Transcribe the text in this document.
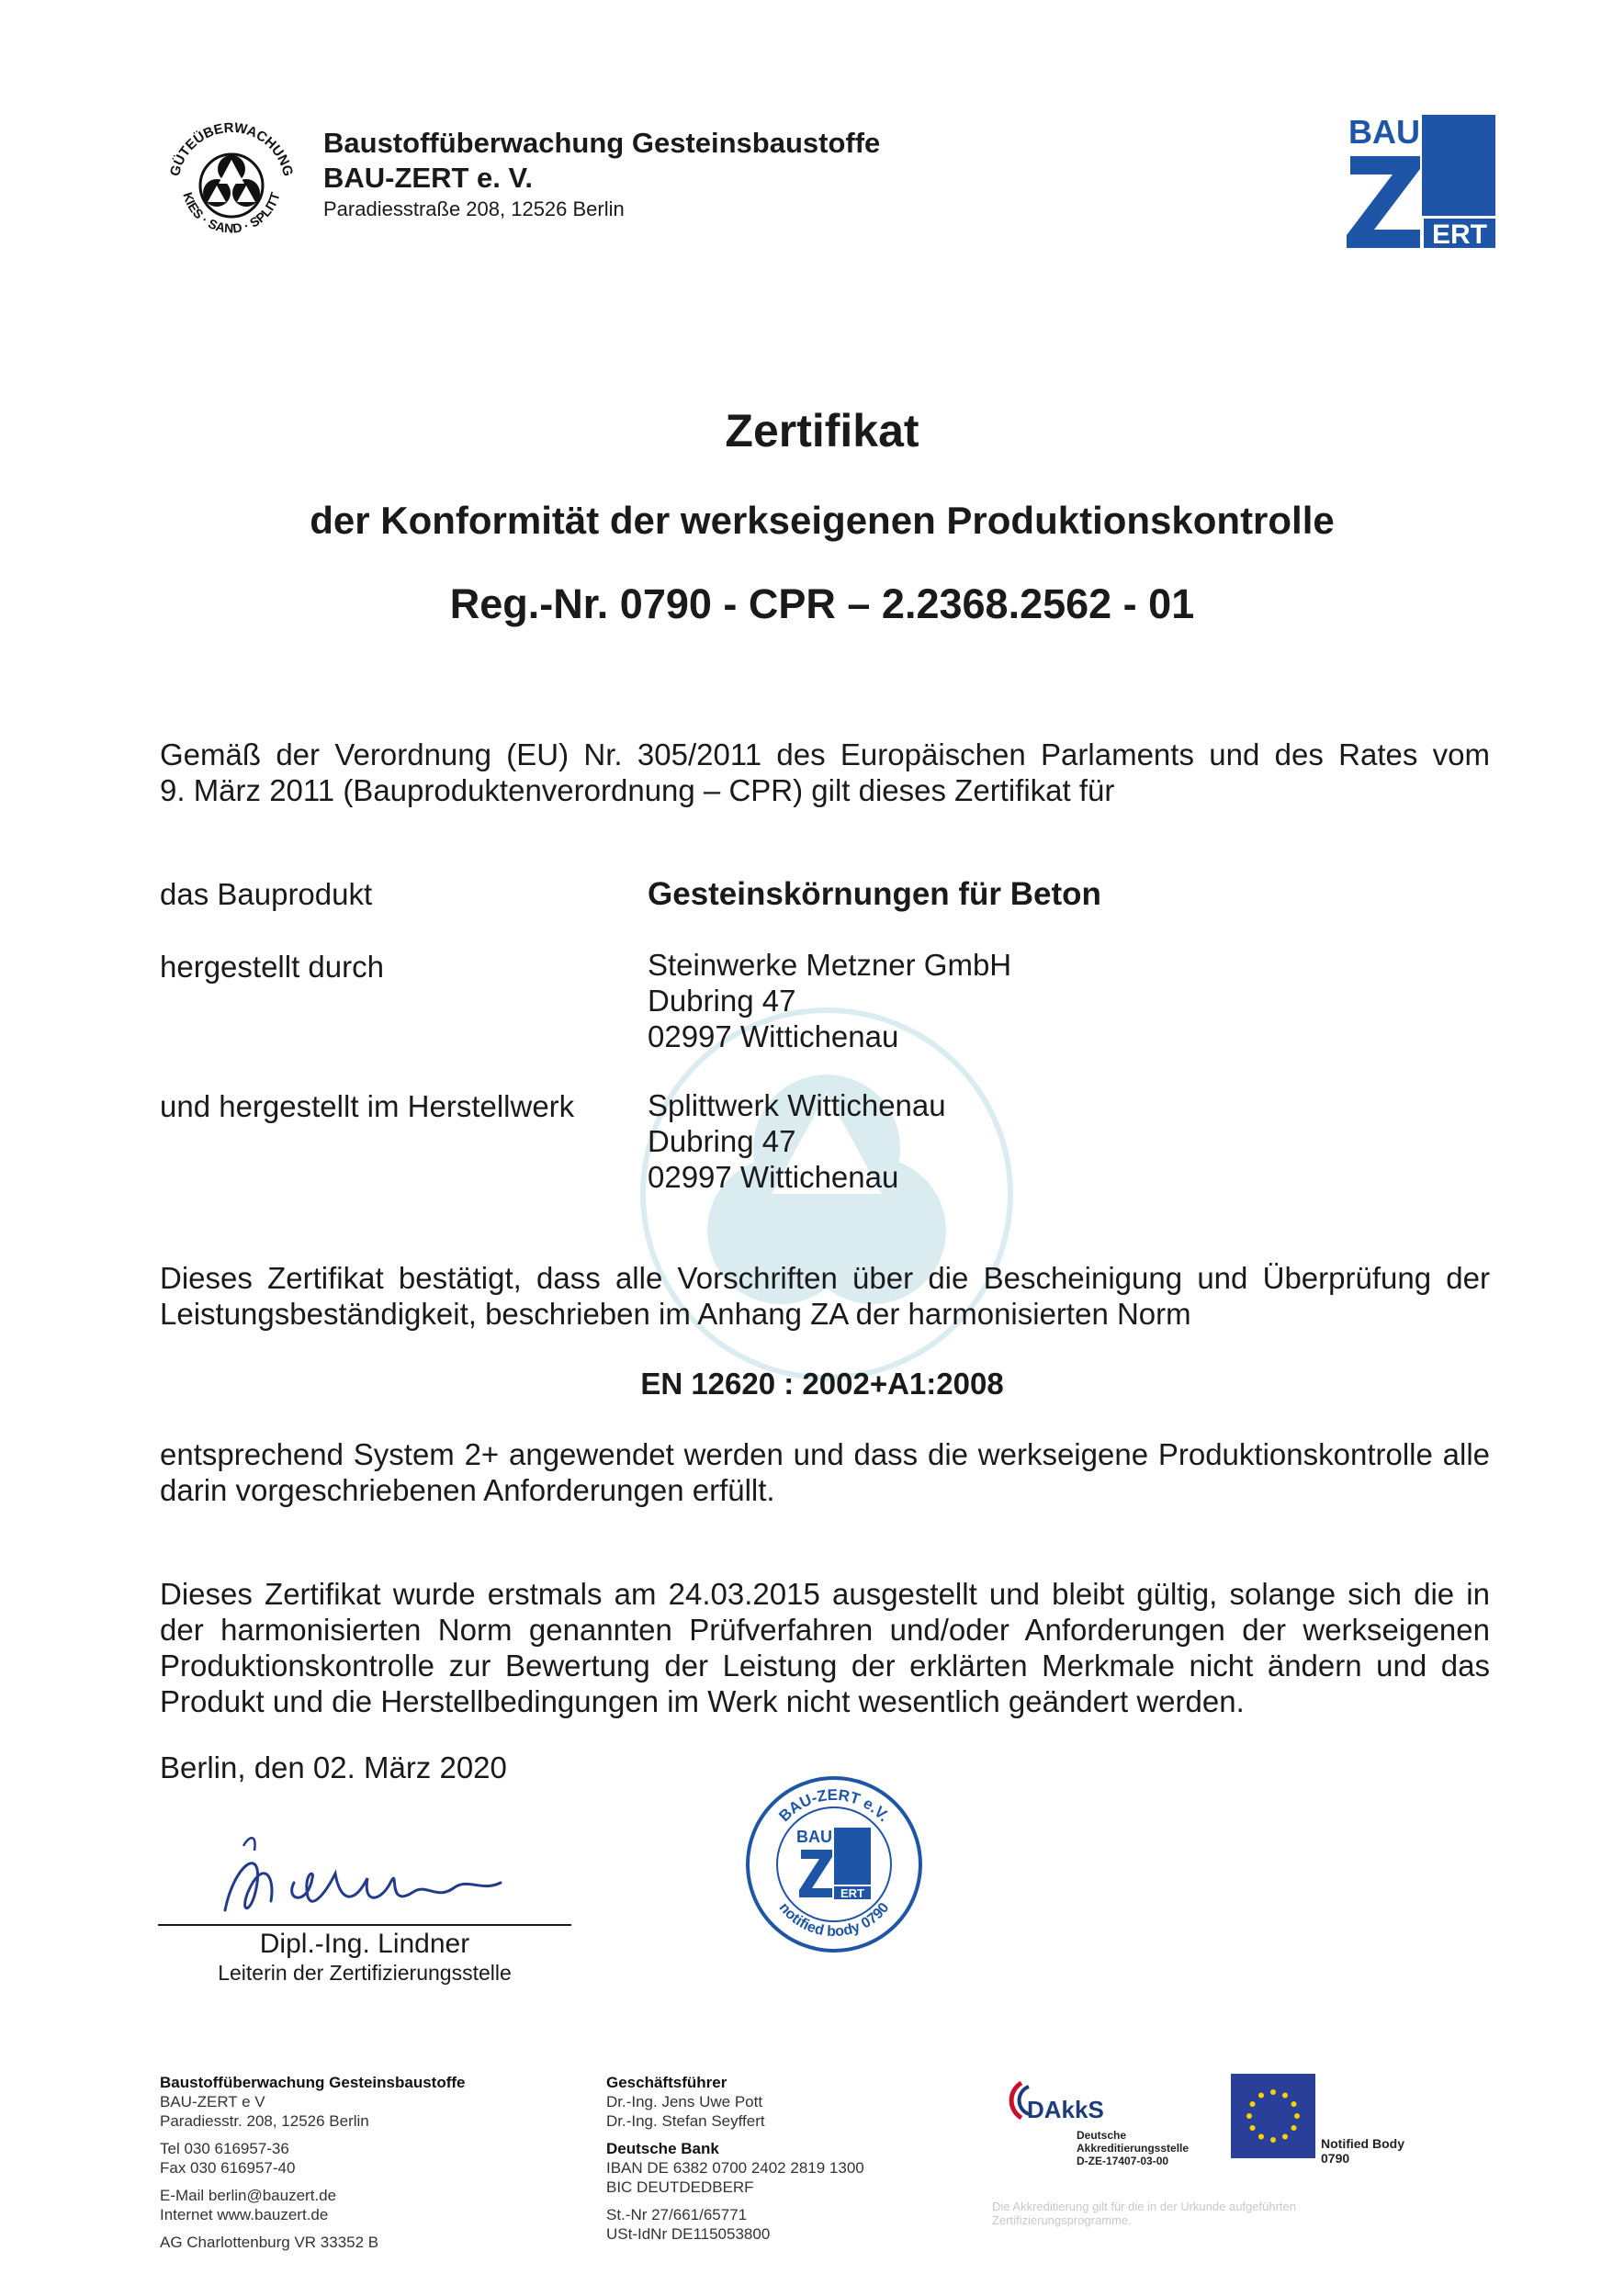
GÜTEÜBERWACHUNG
KIES · SAND · SPLITT
Baustoffüberwachung Gesteinsbaustoffe
BAU-ZERT e. V.
Paradiesstraße 208, 12526 Berlin
BAU
ERT
Zertifikat
der Konformität der werkseigenen Produktionskontrolle
Reg.-Nr. 0790 - CPR – 2.2368.2562 - 01
Gemäß der Verordnung (EU) Nr. 305/2011 des Europäischen Parlaments und des Rates vom
9. März 2011 (Bauproduktenverordnung – CPR) gilt dieses Zertifikat für
das Bauprodukt	Gesteinskörnungen für Beton
hergestellt durch	Steinwerke Metzner GmbH
Dubring 47
02997 Wittichenau
und hergestellt im Herstellwerk Splittwerk Wittichenau
Dubring 47
02997 Wittichenau
Dieses Zertifikat bestätigt, dass alle Vorschriften über die Bescheinigung und Überprüfung der
Leistungsbeständigkeit, beschrieben im Anhang ZA der harmonisierten Norm
EN 12620 : 2002+A1:2008
entsprechend System 2+ angewendet werden und dass die werkseigene Produktionskontrolle alle
darin vorgeschriebenen Anforderungen erfüllt.
Dieses Zertifikat wurde erstmals am 24.03.2015 ausgestellt und bleibt gültig, solange sich die in
der harmonisierten Norm genannten Prüfverfahren und/oder Anforderungen der werkseigenen
Produktionskontrolle zur Bewertung der Leistung der erklärten Merkmale nicht ändern und das
Produkt und die Herstellbedingungen im Werk nicht wesentlich geändert werden.
Berlin, den 02. März 2020
Dipl.-Ing. Lindner
Leiterin der Zertifizierungsstelle
BAU-ZERT e.V.
notified body 0790
BAU
ERT
Baustoffüberwachung Gesteinsbaustoffe
BAU-ZERT e V
Paradiesstr. 208, 12526 Berlin
Tel 030 616957-36
Fax 030 616957-40
E-Mail berlin@bauzert.de
Internet www.bauzert.de
AG Charlottenburg VR 33352 B
Geschäftsführer
Dr.-Ing. Jens Uwe Pott
Dr.-Ing. Stefan Seyffert
Deutsche Bank
IBAN DE 6382 0700 2402 2819 1300
BIC DEUTDEDBERF
St.-Nr 27/661/65771
USt-IdNr DE115053800
DAkkS
Deutsche
Akkreditierungsstelle
D-ZE-17407-03-00
Die Akkreditierung gilt für die in der Urkunde aufgeführten Zertifizierungsprogramme.
Notified Body
0790
